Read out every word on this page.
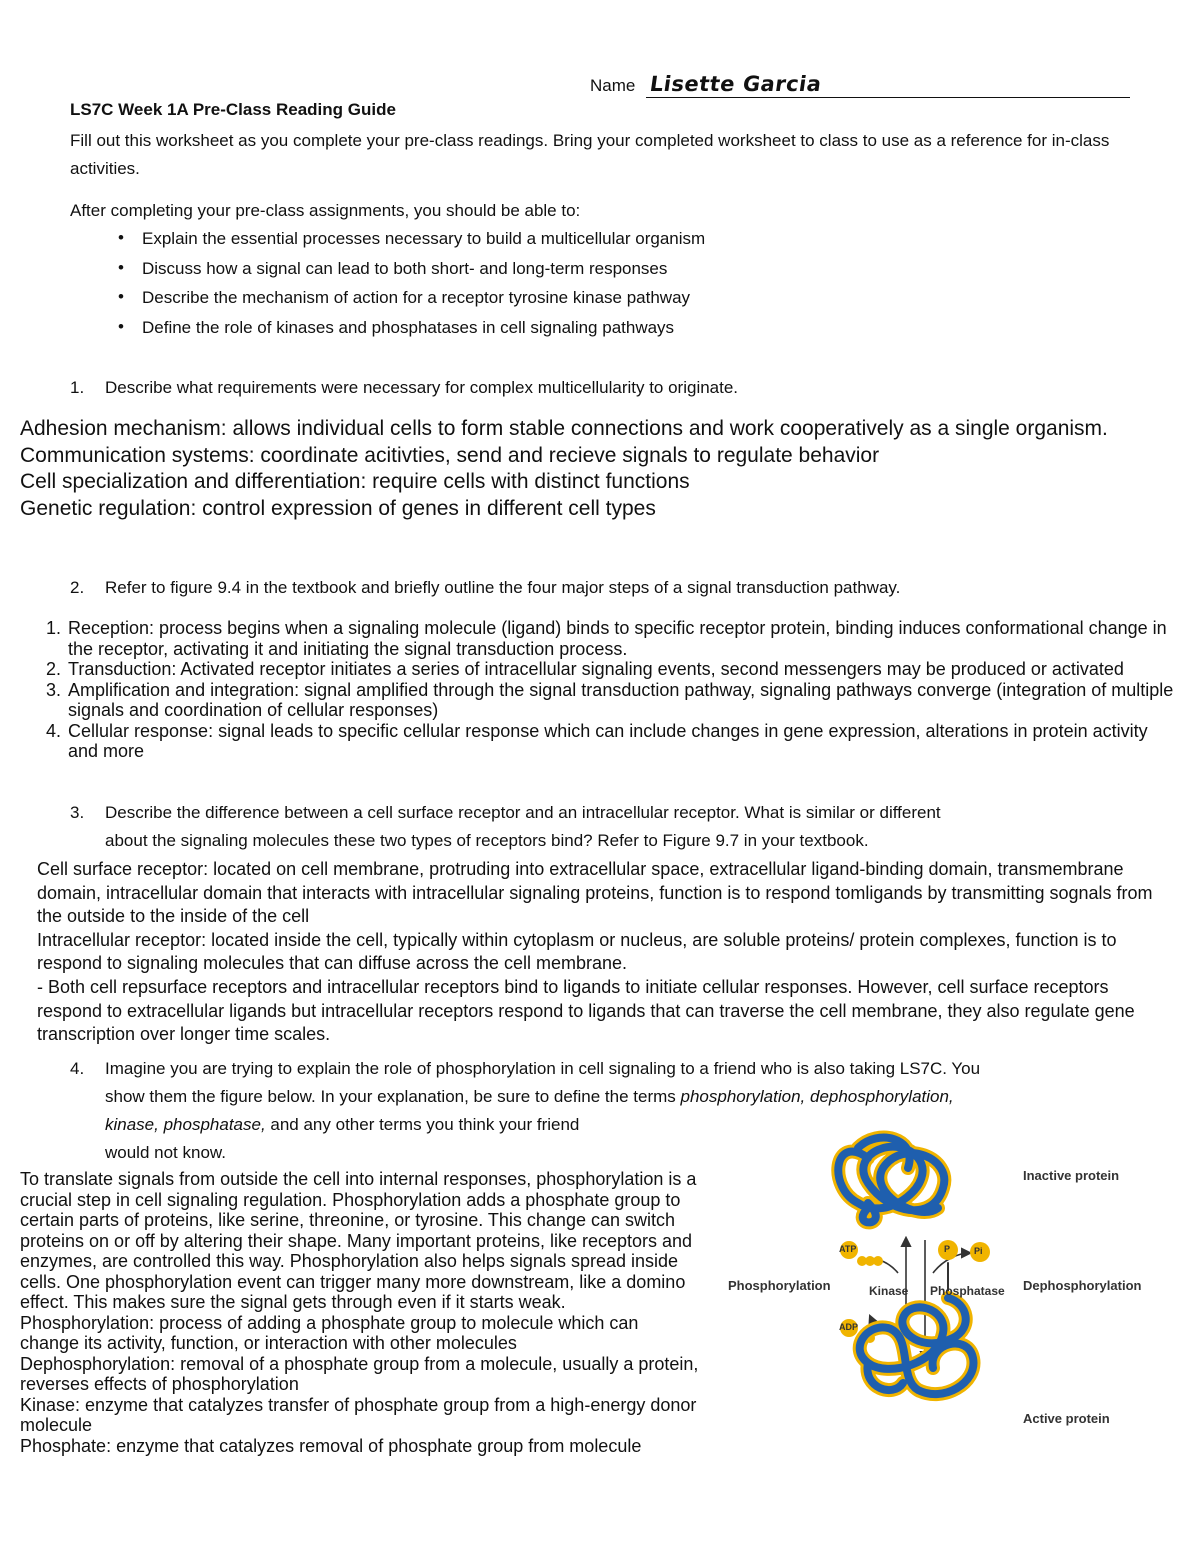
Name Lisette Garcia
LS7C Week 1A Pre-Class Reading Guide
Fill out this worksheet as you complete your pre-class readings. Bring your completed worksheet to class to use as a reference for in-class activities.
After completing your pre-class assignments, you should be able to:
• Explain the essential processes necessary to build a multicellular organism
• Discuss how a signal can lead to both short- and long-term responses
• Describe the mechanism of action for a receptor tyrosine kinase pathway
• Define the role of kinases and phosphatases in cell signaling pathways
1. Describe what requirements were necessary for complex multicellularity to originate.
Adhesion mechanism: allows individual cells to form stable connections and work cooperatively as a single organism.
Communication systems: coordinate acitivties, send and recieve signals to regulate behavior
Cell specialization and differentiation: require cells with distinct functions
Genetic regulation: control expression of genes in different cell types
2. Refer to figure 9.4 in the textbook and briefly outline the four major steps of a signal transduction pathway.
1. Reception: process begins when a signaling molecule (ligand) binds to specific receptor protein, binding induces conformational change in the receptor, activating it and initiating the signal transduction process.
2. Transduction: Activated receptor initiates a series of intracellular signaling events, second messengers may be produced or activated
3. Amplification and integration: signal amplified through the signal transduction pathway, signaling pathways converge (integration of multiple signals and coordination of cellular responses)
4. Cellular response: signal leads to specific cellular response which can include changes in gene expression, alterations in protein activity and more
3. Describe the difference between a cell surface receptor and an intracellular receptor. What is similar or different
about the signaling molecules these two types of receptors bind? Refer to Figure 9.7 in your textbook.
Cell surface receptor: located on cell membrane, protruding into extracellular space, extracellular ligand-binding domain, transmembrane domain, intracellular domain that interacts with intracellular signaling proteins, function is to respond tomligands by transmitting sognals from the outside to the inside of the cell
Intracellular receptor: located inside the cell, typically within cytoplasm or nucleus, are soluble proteins/ protein complexes, function is to respond to signaling molecules that can diffuse across the cell membrane.
- Both cell repsurface receptors and intracellular receptors bind to ligands to initiate cellular responses. However, cell surface receptors respond to extracellular ligands but intracellular receptors respond to ligands that can traverse the cell membrane, they also regulate gene transcription over longer time scales.
4. Imagine you are trying to explain the role of phosphorylation in cell signaling to a friend who is also taking LS7C. You
show them the figure below. In your explanation, be sure to define the terms phosphorylation, dephosphorylation,
kinase, phosphatase, and any other terms you think your friend
would not know.
To translate signals from outside the cell into internal responses, phosphorylation is a crucial step in cell signaling regulation. Phosphorylation adds a phosphate group to certain parts of proteins, like serine, threonine, or tyrosine. This change can switch proteins on or off by altering their shape. Many important proteins, like receptors and enzymes, are controlled this way. Phosphorylation also helps signals spread inside cells. One phosphorylation event can trigger many more downstream, like a domino effect. This makes sure the signal gets through even if it starts weak.
Phosphorylation: process of adding a phosphate group to molecule which can change its activity, function, or interaction with other molecules
Dephosphorylation: removal of a phosphate group from a molecule, usually a protein, reverses effects of phosphorylation
Kinase: enzyme that catalyzes transfer of phosphate group from a high-energy donor molecule
Phosphate: enzyme that catalyzes removal of phosphate group from molecule
Inactive protein
Phosphorylation	Dephosphorylation
Kinase Phosphatase
ATP
ADP
Pi
P
Active protein
